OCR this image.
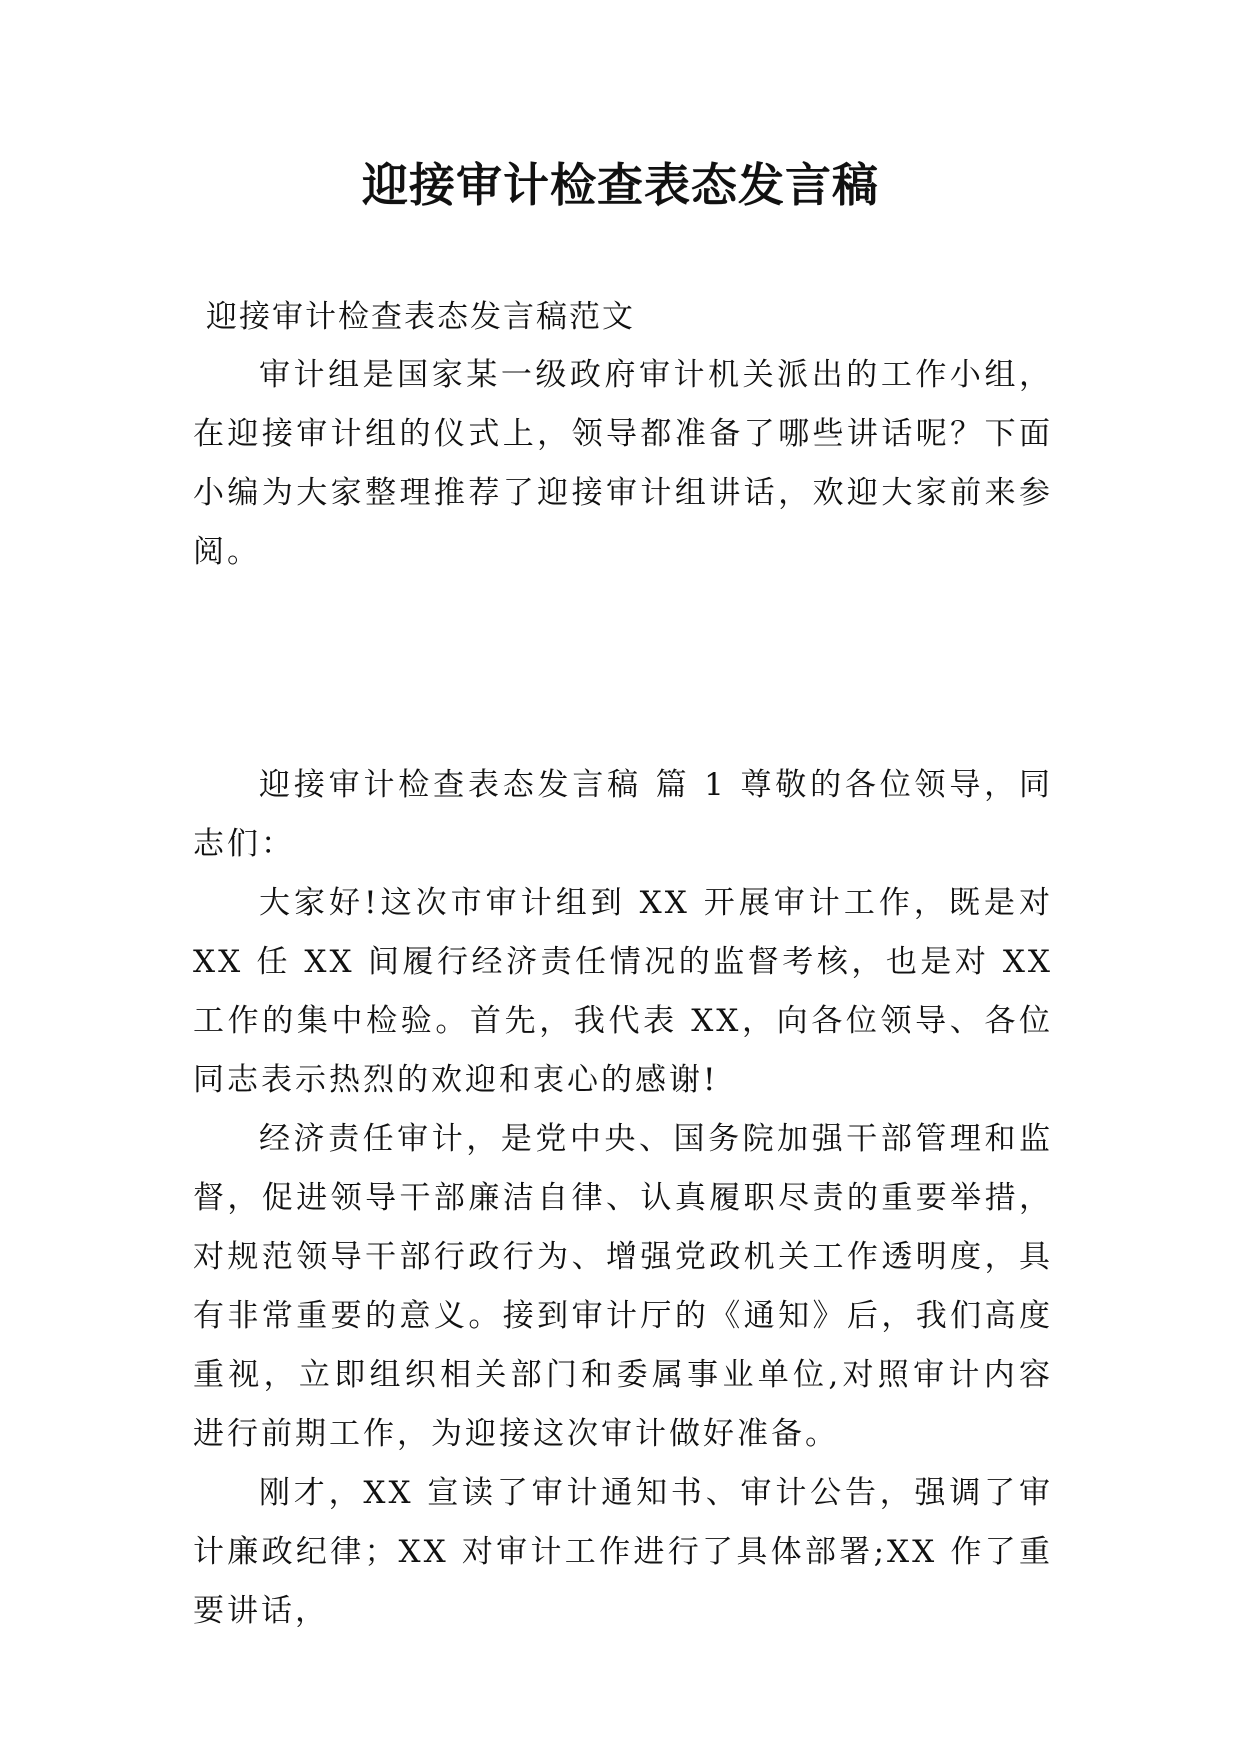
迎接审计检查表态发言稿

迎接审计检查表态发言稿范文

审计组是国家某一级政府审计机关派出的工作小组，在迎接审计组的仪式上，领导都准备了哪些讲话呢？下面小编为大家整理推荐了迎接审计组讲话，欢迎大家前来参阅。

迎接审计检查表态发言稿 篇 1 尊敬的各位领导，同志们：

大家好!这次市审计组到 XX 开展审计工作，既是对 XX 任 XX 间履行经济责任情况的监督考核，也是对 XX 工作的集中检验。首先，我代表 XX，向各位领导、各位同志表示热烈的欢迎和衷心的感谢!

经济责任审计，是党中央、国务院加强干部管理和监督，促进领导干部廉洁自律、认真履职尽责的重要举措，对规范领导干部行政行为、增强党政机关工作透明度，具有非常重要的意义。接到审计厅的《通知》后，我们高度重视，立即组织相关部门和委属事业单位,对照审计内容进行前期工作，为迎接这次审计做好准备。

刚才，XX 宣读了审计通知书、审计公告，强调了审计廉政纪律；XX 对审计工作进行了具体部署;XX 作了重要讲话，
